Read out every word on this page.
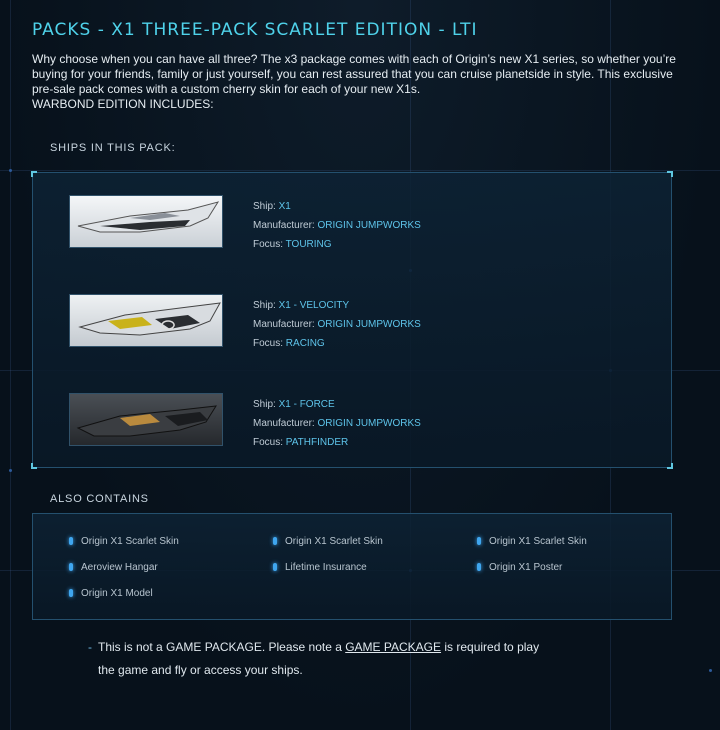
PACKS - X1 THREE-PACK SCARLET EDITION - LTI
Why choose when you can have all three? The x3 package comes with each of Origin’s new X1 series, so whether you’re buying for your friends, family or just yourself, you can rest assured that you can cruise planetside in style. This exclusive pre-sale pack comes with a custom cherry skin for each of your new X1s.
WARBOND EDITION INCLUDES:
SHIPS IN THIS PACK:
Ship: X1
Manufacturer: ORIGIN JUMPWORKS
Focus: TOURING
Ship: X1 - VELOCITY
Manufacturer: ORIGIN JUMPWORKS
Focus: RACING
Ship: X1 - FORCE
Manufacturer: ORIGIN JUMPWORKS
Focus: PATHFINDER
ALSO CONTAINS
Origin X1 Scarlet Skin	Origin X1 Scarlet Skin	Origin X1 Scarlet Skin
Aeroview Hangar	Lifetime Insurance	Origin X1 Poster
Origin X1 Model
- This is not a GAME PACKAGE. Please note a GAME PACKAGE is required to play
the game and fly or access your ships.
